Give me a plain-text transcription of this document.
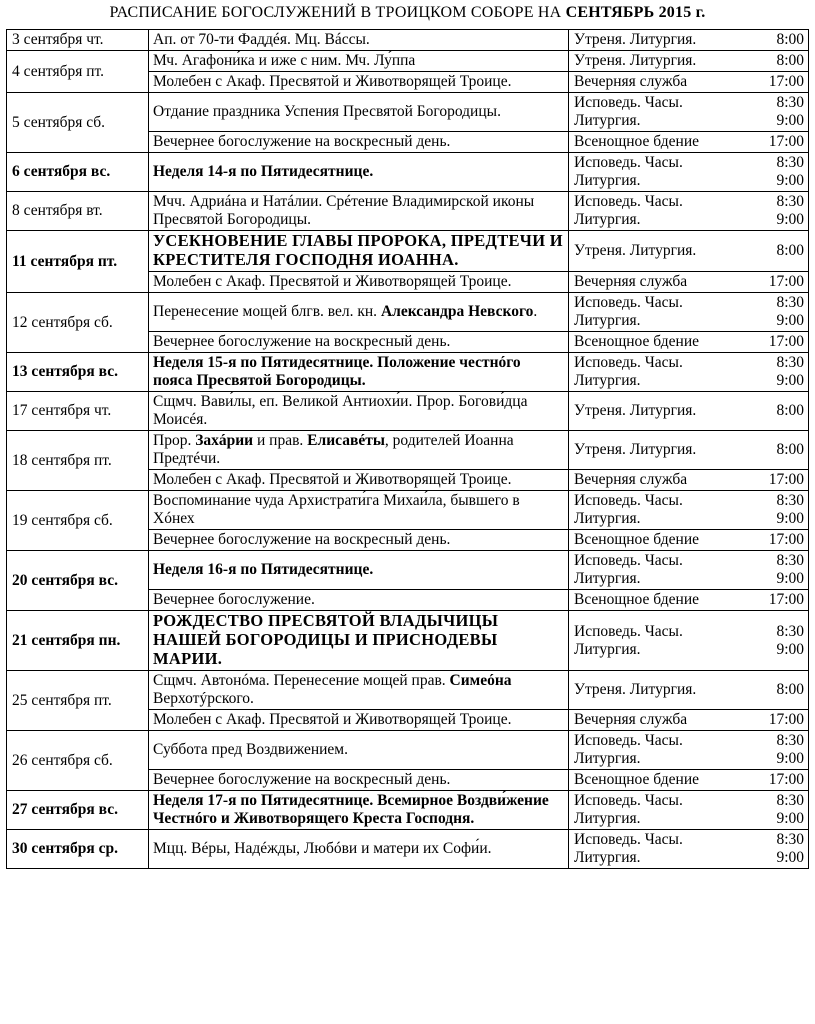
РАСПИСАНИЕ БОГОСЛУЖЕНИЙ В ТРОИЦКОМ СОБОРЕ НА СЕНТЯБРЬ 2015 г.
3 сентября чт.	Ап. от 70-ти Фаддéя. Мц. Вáссы.	Утреня. Литургия. 8:00

4 сентября пт.	Мч. Агафони́ка и иже с ним. Мч. Лу́ппа	Утреня. Литургия. 8:00

	Молебен с Акаф. Пресвятой и Животворящей Троице.	Вечерняя служба 17:00

5 сентября сб.	Отдание праздника Успения Пресвятой Богородицы.	Исповедь. Часы. 8:30
Литургия. 9:00

	Вечернее богослужение на воскресный день.	Всенощное бдение 17:00

6 сентября вс.	Неделя 14-я по Пятидесятнице.	Исповедь. Часы. 8:30
Литургия. 9:00

8 сентября вт.	Мчч. Адриáна и Натáлии. Срéтение Владимирской иконы Пресвятой Богородицы.	Исповедь. Часы. 8:30
Литургия. 9:00

11 сентября пт.	УСЕКНОВЕНИЕ ГЛАВЫ ПРОРОКА, ПРЕДТЕЧИ И КРЕСТИТЕЛЯ ГОСПОДНЯ ИОАННА.	Утреня. Литургия. 8:00

	Молебен с Акаф. Пресвятой и Животворящей Троице.	Вечерняя служба 17:00

12 сентября сб.	Перенесение мощей блгв. вел. кн. Александра Невского.	Исповедь. Часы. 8:30
Литургия. 9:00

	Вечернее богослужение на воскресный день.	Всенощное бдение 17:00

13 сентября вс.	Неделя 15-я по Пятидесятнице. Положение честнóго пояса Пресвятой Богородицы.	Исповедь. Часы. 8:30
Литургия. 9:00

17 сентября чт.	Сщмч. Вави́лы, еп. Великой Антиохи́и. Прор. Богови́дца Моисéя.	Утреня. Литургия. 8:00

18 сентября пт.	Прор. Захáрии и прав. Елисавéты, родителей Иоанна Предтéчи.	Утреня. Литургия. 8:00

	Молебен с Акаф. Пресвятой и Животворящей Троице.	Вечерняя служба 17:00

19 сентября сб.	Воспоминание чуда Архистрати́га Михаи́ла, бывшего в Хóнех	Исповедь. Часы. 8:30
Литургия. 9:00

	Вечернее богослужение на воскресный день.	Всенощное бдение 17:00

20 сентября вс.	Неделя 16-я по Пятидесятнице.	Исповедь. Часы. 8:30
Литургия. 9:00

	Вечернее богослужение.	Всенощное бдение 17:00

21 сентября пн.	РОЖДЕСТВО ПРЕСВЯТОЙ ВЛАДЫЧИЦЫ НАШЕЙ БОГОРОДИЦЫ И ПРИСНОДЕВЫ МАРИИ.	Исповедь. Часы. 8:30
Литургия. 9:00

25 сентября пт.	Сщмч. Автонóма. Перенесение мощей прав. Симеóна Верхотýрского.	Утреня. Литургия. 8:00

	Молебен с Акаф. Пресвятой и Животворящей Троице.	Вечерняя служба 17:00

26 сентября сб.	Суббота пред Воздвижением.	Исповедь. Часы. 8:30
Литургия. 9:00

	Вечернее богослужение на воскресный день.	Всенощное бдение 17:00

27 сентября вс.	Неделя 17-я по Пятидесятнице. Всемирное Воздви́жение Честнóго и Животворящего Креста Господня.	Исповедь. Часы. 8:30
Литургия. 9:00

30 сентября ср.	Мцц. Вéры, Надéжды, Любóви и матери их Софи́и.	Исповедь. Часы. 8:30
Литургия. 9:00
